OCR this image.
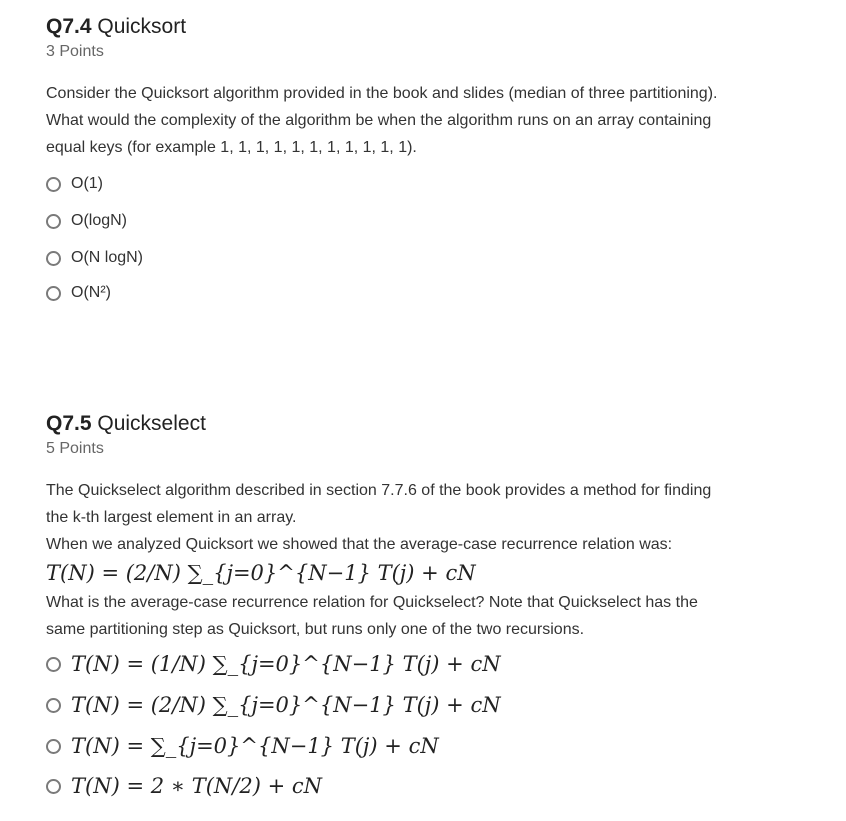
Q7.4 Quicksort
3 Points
Consider the Quicksort algorithm provided in the book and slides (median of three partitioning).
What would the complexity of the algorithm be when the algorithm runs on an array containing
equal keys (for example 1, 1, 1, 1, 1, 1, 1, 1, 1, 1, 1).
O(1)
O(logN)
O(N logN)
O(N²)
Q7.5 Quickselect
5 Points
The Quickselect algorithm described in section 7.7.6 of the book provides a method for finding
the k-th largest element in an array.
When we analyzed Quicksort we showed that the average-case recurrence relation was:
T(N) = (2/N) ∑_{j=0}^{N−1} T(j) + cN
What is the average-case recurrence relation for Quickselect? Note that Quickselect has the
same partitioning step as Quicksort, but runs only one of the two recursions.
T(N) = (1/N) ∑_{j=0}^{N−1} T(j) + cN
T(N) = (2/N) ∑_{j=0}^{N−1} T(j) + cN
T(N) = ∑_{j=0}^{N−1} T(j) + cN
T(N) = 2 ∗ T(N/2) + cN
